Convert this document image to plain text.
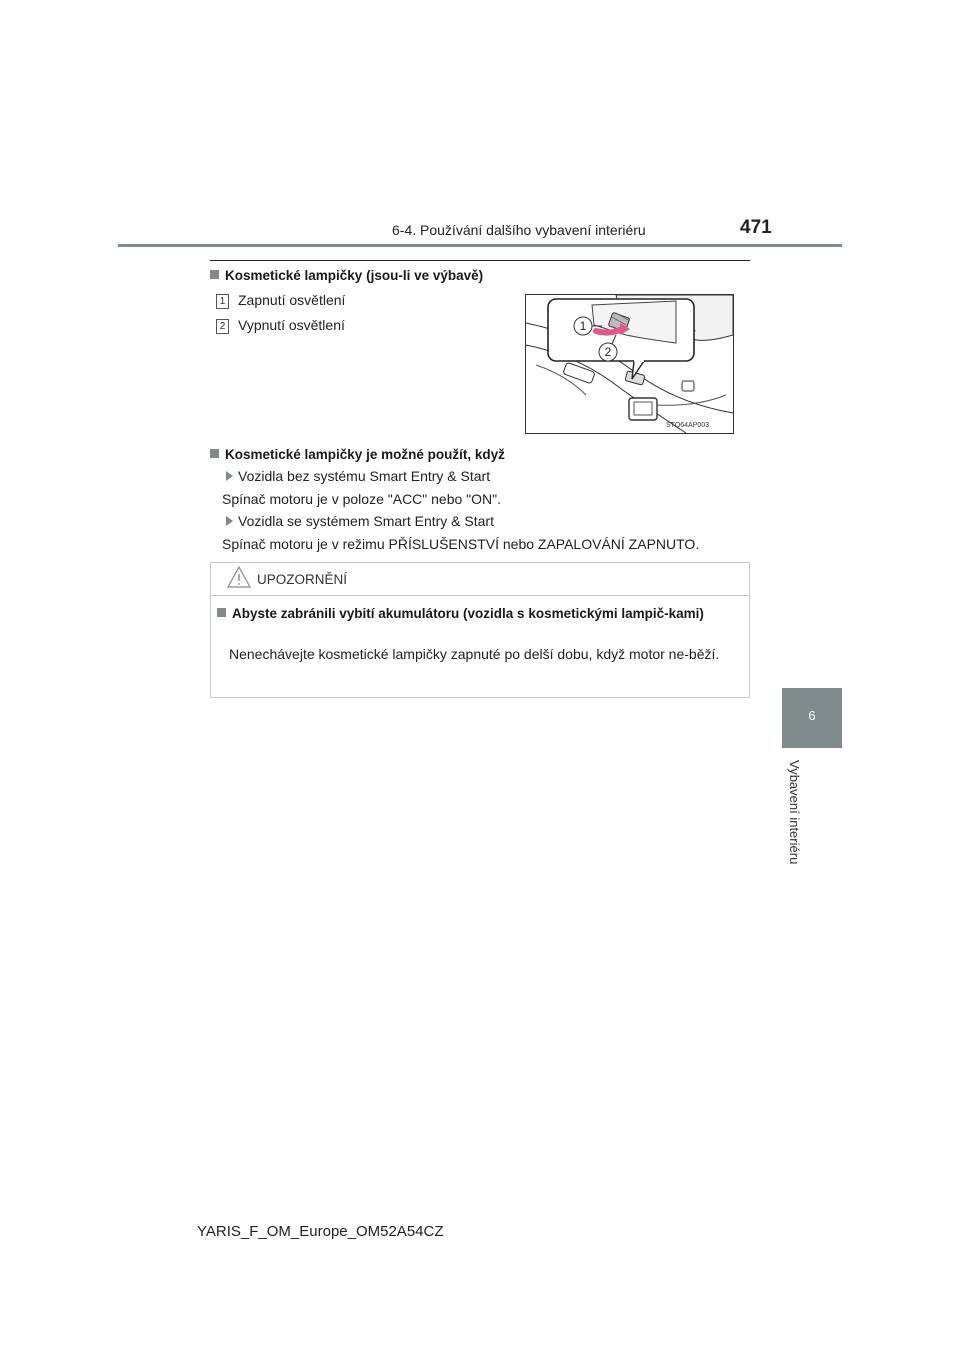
6-4. Používání dalšího vybavení interiéru	471
6
Vybavení interiéru
Kosmetické lampičky (jsou-li ve výbavě)
1 Zapnutí osvětlení
2 Vypnutí osvětlení	1
2
STO64AP003
Kosmetické lampičky je možné použít, když
Vozidla bez systému Smart Entry & Start
Spínač motoru je v poloze "ACC" nebo "ON".
Vozidla se systémem Smart Entry & Start
Spínač motoru je v režimu PŘÍSLUŠENSTVÍ nebo ZAPALOVÁNÍ ZAPNUTO.
UPOZORNĚNÍ
Abyste zabránili vybití akumulátoru (vozidla s kosmetickými lampič-kami)
Nenechávejte kosmetické lampičky zapnuté po delší dobu, když motor ne-běží.
YARIS_F_OM_Europe_OM52A54CZ
